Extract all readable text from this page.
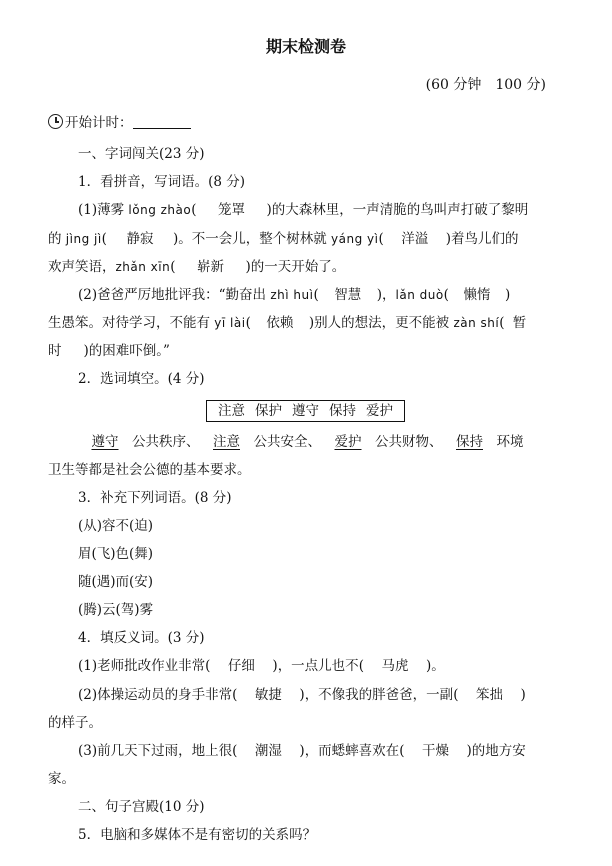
期末检测卷
(60 分钟　100 分)
开始计时：
一、字词闯关(23 分)
1．看拼音，写词语。(8 分)
(1)薄雾 lǒng zhào( 笼罩 )的大森林里，一声清脆的鸟叫声打破了黎明
的 jìng jì( 静寂 )。不一会儿，整个树林就 yáng yì( 洋溢 )着鸟儿们的
欢声笑语，zhǎn xīn( 崭新 )的一天开始了。
(2)爸爸严厉地批评我：“勤奋出 zhì huì( 智慧 )，lǎn duò( 懒惰 )
生愚笨。对待学习，不能有 yī lài( 依赖 )别人的想法，更不能被 zàn shí( 暂
时 )的困难吓倒。”
2．选词填空。(4 分)
注意 保护 遵守 保持 爱护
遵守 公共秩序、 注意 公共安全、 爱护 公共财物、 保持 环境
卫生等都是社会公德的基本要求。
3．补充下列词语。(8 分)
(从)容不(迫)
眉(飞)色(舞)
随(遇)而(安)
(腾)云(驾)雾
4．填反义词。(3 分)
(1)老师批改作业非常( 仔细 )，一点儿也不( 马虎 )。
(2)体操运动员的身手非常( 敏捷 )，不像我的胖爸爸，一副( 笨拙 )
的样子。
(3)前几天下过雨，地上很( 潮湿 )，而蟋蟀喜欢在( 干燥 )的地方安
家。
二、句子宫殿(10 分)
5．电脑和多媒体不是有密切的关系吗？
